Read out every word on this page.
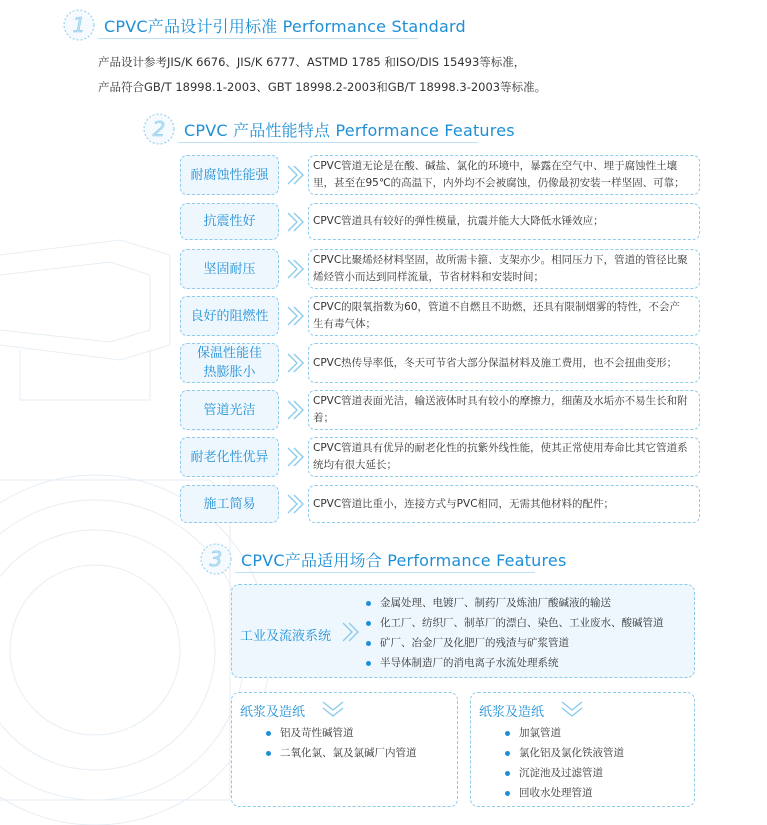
1 CPVC产品设计引用标准 Performance Standard
产品设计参考JIS/K 6676、JIS/K 6777、ASTMD 1785 和ISO/DIS 15493等标准，
产品符合GB/T 18998.1-2003、GBT 18998.2-2003和GB/T 18998.3-2003等标准。
2 CPVC 产品性能特点 Performance Features
耐腐蚀性能强
CPVC管道无论是在酸、碱盐、氯化的环境中，暴露在空气中、埋于腐蚀性土壤里，甚至在95℃的高温下，内外均不会被腐蚀，仍像最初安装一样坚固、可靠；
抗震性好	CPVC管道具有较好的弹性模量，抗震并能大大降低水锤效应；
坚固耐压
CPVC比聚烯烃材料坚固，故所需卡箍、支架亦少。相同压力下，管道的管径比聚烯烃管小而达到同样流量，节省材料和安装时间；
良好的阻燃性
CPVC的限氧指数为60，管道不自燃且不助燃，还具有限制烟雾的特性，不会产生有毒气体；
保温性能佳
热膨胀小
CPVC热传导率低，冬天可节省大部分保温材料及施工费用，也不会扭曲变形；
管道光洁
CPVC管道表面光洁，输送液体时具有较小的摩擦力，细菌及水垢亦不易生长和附着；
耐老化性优异
CPVC管道具有优异的耐老化性的抗紫外线性能，使其正常使用寿命比其它管道系统均有很大延长；
施工简易	CPVC管道比重小，连接方式与PVC相同，无需其他材料的配件；
3 CPVC产品适用场合 Performance Features
工业及流液系统
金属处理、电镀厂、制药厂及炼油厂酸碱液的输送
化工厂、纺织厂、制革厂的漂白、染色、工业废水、酸碱管道
矿厂、冶金厂及化肥厂的残渣与矿浆管道
半导体制造厂的消电离子水流处理系统
纸浆及造纸
铝及苛性碱管道
二氧化氯、氯及氯碱厂内管道
纸浆及造纸
加氯管道
氯化铝及氯化铁液管道
沉淀池及过滤管道
回收水处理管道
